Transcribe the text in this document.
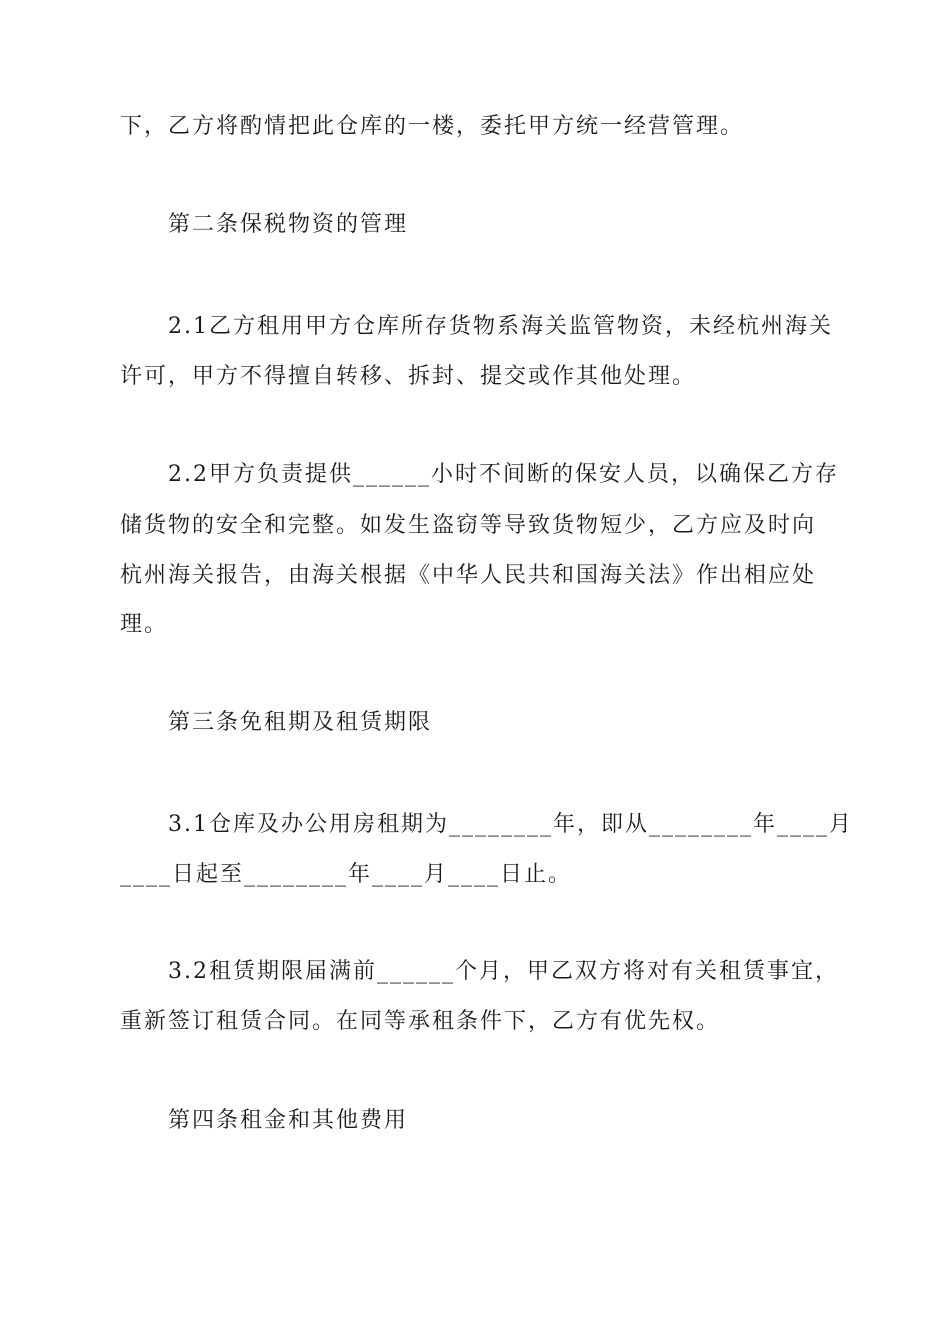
下，乙方将酌情把此仓库的一楼，委托甲方统一经营管理。
第二条保税物资的管理
2.1乙方租用甲方仓库所存货物系海关监管物资，未经杭州海关
许可，甲方不得擅自转移、拆封、提交或作其他处理。
2.2甲方负责提供______小时不间断的保安人员，以确保乙方存
储货物的安全和完整。如发生盗窃等导致货物短少，乙方应及时向
杭州海关报告，由海关根据《中华人民共和国海关法》作出相应处
理。
第三条免租期及租赁期限
3.1仓库及办公用房租期为________年，即从________年____月
____日起至________年____月____日止。
3.2租赁期限届满前______个月，甲乙双方将对有关租赁事宜，
重新签订租赁合同。在同等承租条件下，乙方有优先权。
第四条租金和其他费用
